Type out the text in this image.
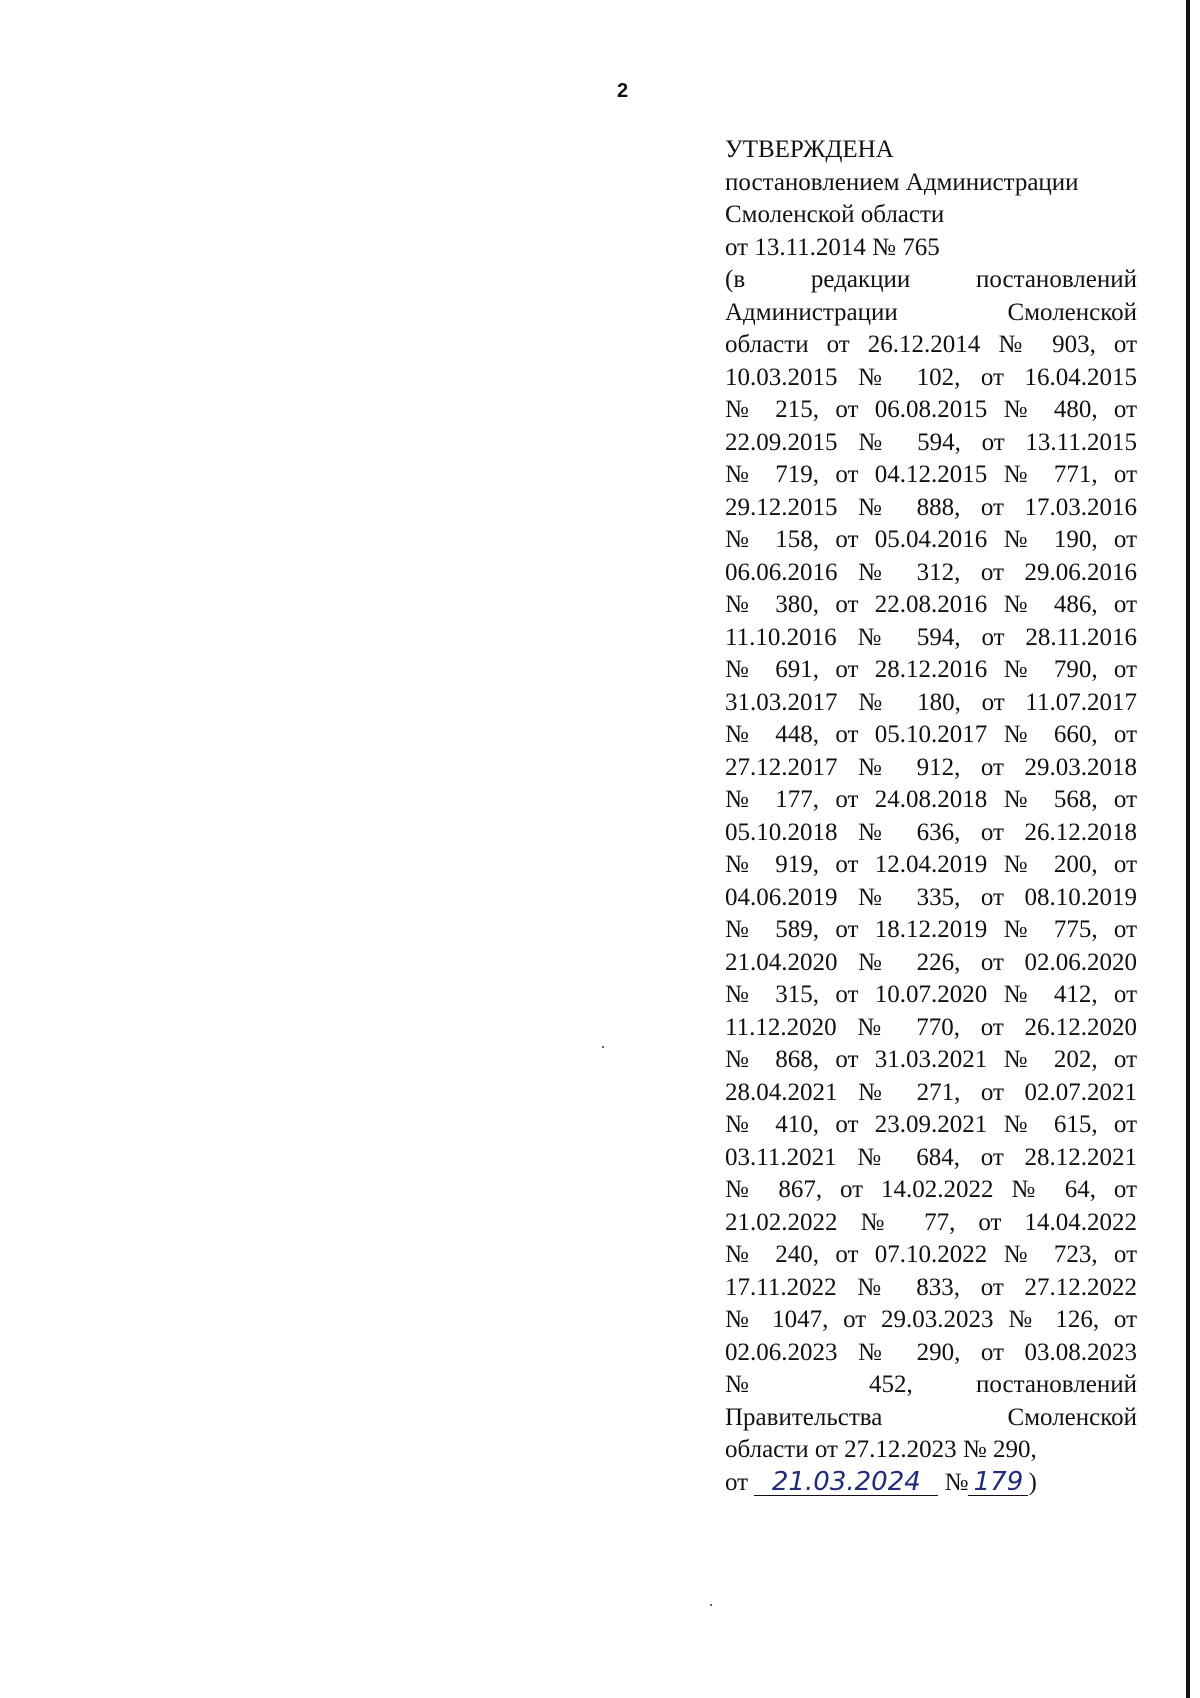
2
УТВЕРЖДЕНА
постановлением Администрации
Смоленской области
от 13.11.2014 № 765
(в редакции постановлений
Администрации Смоленской
области от 26.12.2014 № 903, от
10.03.2015 № 102, от 16.04.2015
№ 215, от 06.08.2015 № 480, от
22.09.2015 № 594, от 13.11.2015
№ 719, от 04.12.2015 № 771, от
29.12.2015 № 888, от 17.03.2016
№ 158, от 05.04.2016 № 190, от
06.06.2016 № 312, от 29.06.2016
№ 380, от 22.08.2016 № 486, от
11.10.2016 № 594, от 28.11.2016
№ 691, от 28.12.2016 № 790, от
31.03.2017 № 180, от 11.07.2017
№ 448, от 05.10.2017 № 660, от
27.12.2017 № 912, от 29.03.2018
№ 177, от 24.08.2018 № 568, от
05.10.2018 № 636, от 26.12.2018
№ 919, от 12.04.2019 № 200, от
04.06.2019 № 335, от 08.10.2019
№ 589, от 18.12.2019 № 775, от
21.04.2020 № 226, от 02.06.2020
№ 315, от 10.07.2020 № 412, от
11.12.2020 № 770, от 26.12.2020
№ 868, от 31.03.2021 № 202, от
28.04.2021 № 271, от 02.07.2021
№ 410, от 23.09.2021 № 615, от
03.11.2021 № 684, от 28.12.2021
№ 867, от 14.02.2022 № 64, от
21.02.2022 № 77, от 14.04.2022
№ 240, от 07.10.2022 № 723, от
17.11.2022 № 833, от 27.12.2022
№ 1047, от 29.03.2023 № 126, от
02.06.2023 № 290, от 03.08.2023
№ 452, постановлений
Правительства Смоленской
области от 27.12.2023 № 290,
от 21.03.2024 № 179 )
